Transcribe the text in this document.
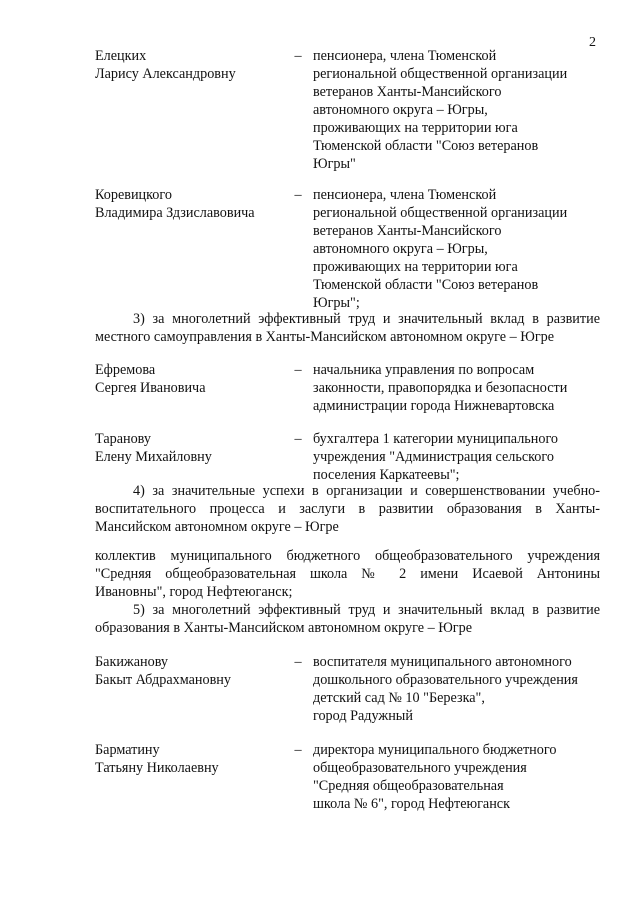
2
Елецких
Ларису Александровну
– пенсионера, члена Тюменской
региональной общественной организации
ветеранов Ханты-Мансийского
автономного округа – Югры,
проживающих на территории юга
Тюменской области "Союз ветеранов
Югры"
Коревицкого
Владимира Здзиславовича
– пенсионера, члена Тюменской
региональной общественной организации
ветеранов Ханты-Мансийского
автономного округа – Югры,
проживающих на территории юга
Тюменской области "Союз ветеранов
Югры";
3) за многолетний эффективный труд и значительный вклад в развитие
местного самоуправления в Ханты-Мансийском автономном округе – Югре
Ефремова
Сергея Ивановича
– начальника управления по вопросам
законности, правопорядка и безопасности
администрации города Нижневартовска
Таранову
Елену Михайловну
– бухгалтера 1 категории муниципального
учреждения "Администрация сельского
поселения Каркатеевы";
4) за значительные успехи в организации и совершенствовании учебно-
воспитательного процесса и заслуги в развитии образования в Ханты-
Мансийском автономном округе – Югре
коллектив муниципального бюджетного общеобразовательного учреждения
"Средняя общеобразовательная школа № 2 имени Исаевой Антонины
Ивановны", город Нефтеюганск;
5) за многолетний эффективный труд и значительный вклад в развитие
образования в Ханты-Мансийском автономном округе – Югре
Бакижанову
Бакыт Абдрахмановну
– воспитателя муниципального автономного
дошкольного образовательного учреждения
детский сад № 10 "Березка",
город Радужный
Барматину
Татьяну Николаевну
– директора муниципального бюджетного
общеобразовательного учреждения
"Средняя общеобразовательная
школа № 6", город Нефтеюганск
